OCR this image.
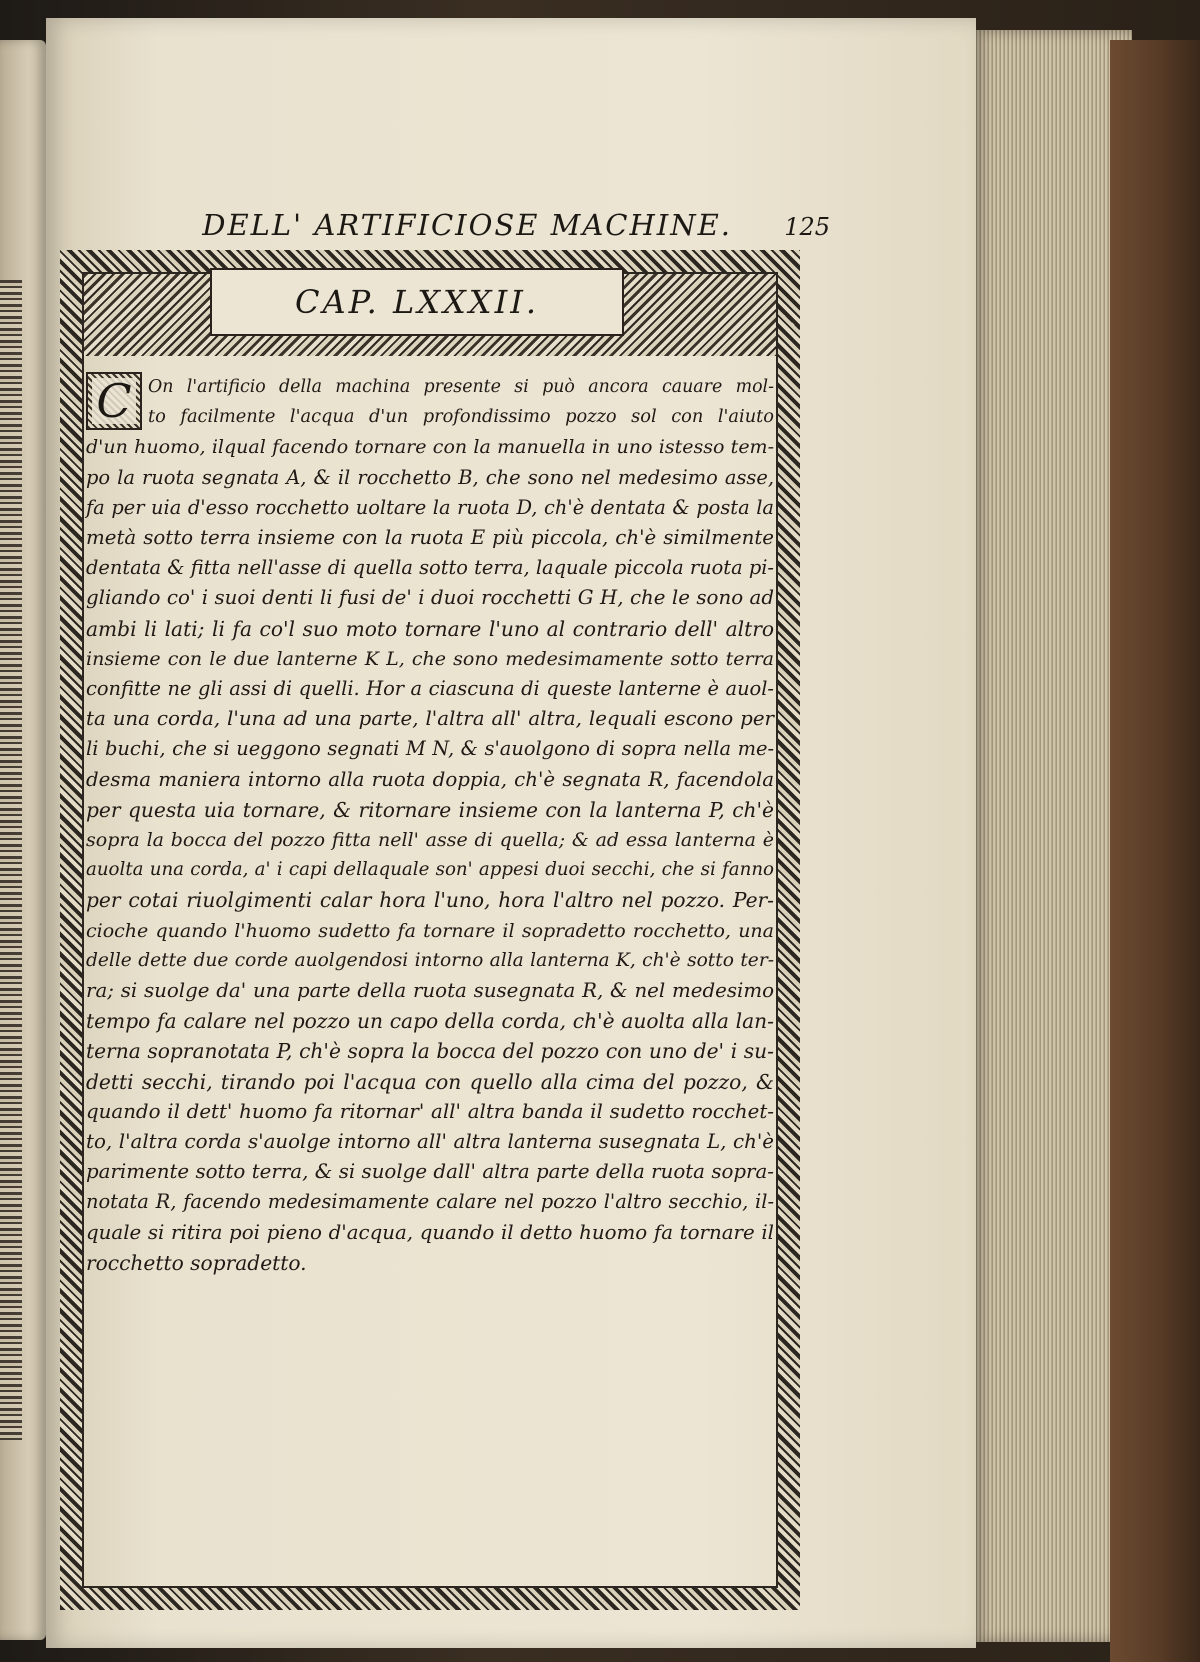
DELL' ARTIFICIOSE MACHINE.	125
CAP. LXXXII.
C On l'artificio della machina presente si può ancora cauare mol-
to facilmente l'acqua d'un profondissimo pozzo sol con l'aiuto
d'un huomo, ilqual facendo tornare con la manuella in uno istesso tem-
po la ruota segnata A, & il rocchetto B, che sono nel medesimo asse,
fa per uia d'esso rocchetto uoltare la ruota D, ch'è dentata & posta la
metà sotto terra insieme con la ruota E più piccola, ch'è similmente
dentata & fitta nell'asse di quella sotto terra, laquale piccola ruota pi-
gliando co' i suoi denti li fusi de' i duoi rocchetti G H, che le sono ad
ambi li lati; li fa co'l suo moto tornare l'uno al contrario dell' altro
insieme con le due lanterne K L, che sono medesimamente sotto terra
confitte ne gli assi di quelli. Hor a ciascuna di queste lanterne è auol-
ta una corda, l'una ad una parte, l'altra all' altra, lequali escono per
li buchi, che si ueggono segnati M N, & s'auolgono di sopra nella me-
desma maniera intorno alla ruota doppia, ch'è segnata R, facendola
per questa uia tornare, & ritornare insieme con la lanterna P, ch'è
sopra la bocca del pozzo fitta nell' asse di quella; & ad essa lanterna è
auolta una corda, a' i capi dellaquale son' appesi duoi secchi, che si fanno
per cotai riuolgimenti calar hora l'uno, hora l'altro nel pozzo. Per-
cioche quando l'huomo sudetto fa tornare il sopradetto rocchetto, una
delle dette due corde auolgendosi intorno alla lanterna K, ch'è sotto ter-
ra; si suolge da' una parte della ruota susegnata R, & nel medesimo
tempo fa calare nel pozzo un capo della corda, ch'è auolta alla lan-
terna sopranotata P, ch'è sopra la bocca del pozzo con uno de' i su-
detti secchi, tirando poi l'acqua con quello alla cima del pozzo, &
quando il dett' huomo fa ritornar' all' altra banda il sudetto rocchet-
to, l'altra corda s'auolge intorno all' altra lanterna susegnata L, ch'è
parimente sotto terra, & si suolge dall' altra parte della ruota sopra-
notata R, facendo medesimamente calare nel pozzo l'altro secchio, il-
quale si ritira poi pieno d'acqua, quando il detto huomo fa tornare il
rocchetto sopradetto.
